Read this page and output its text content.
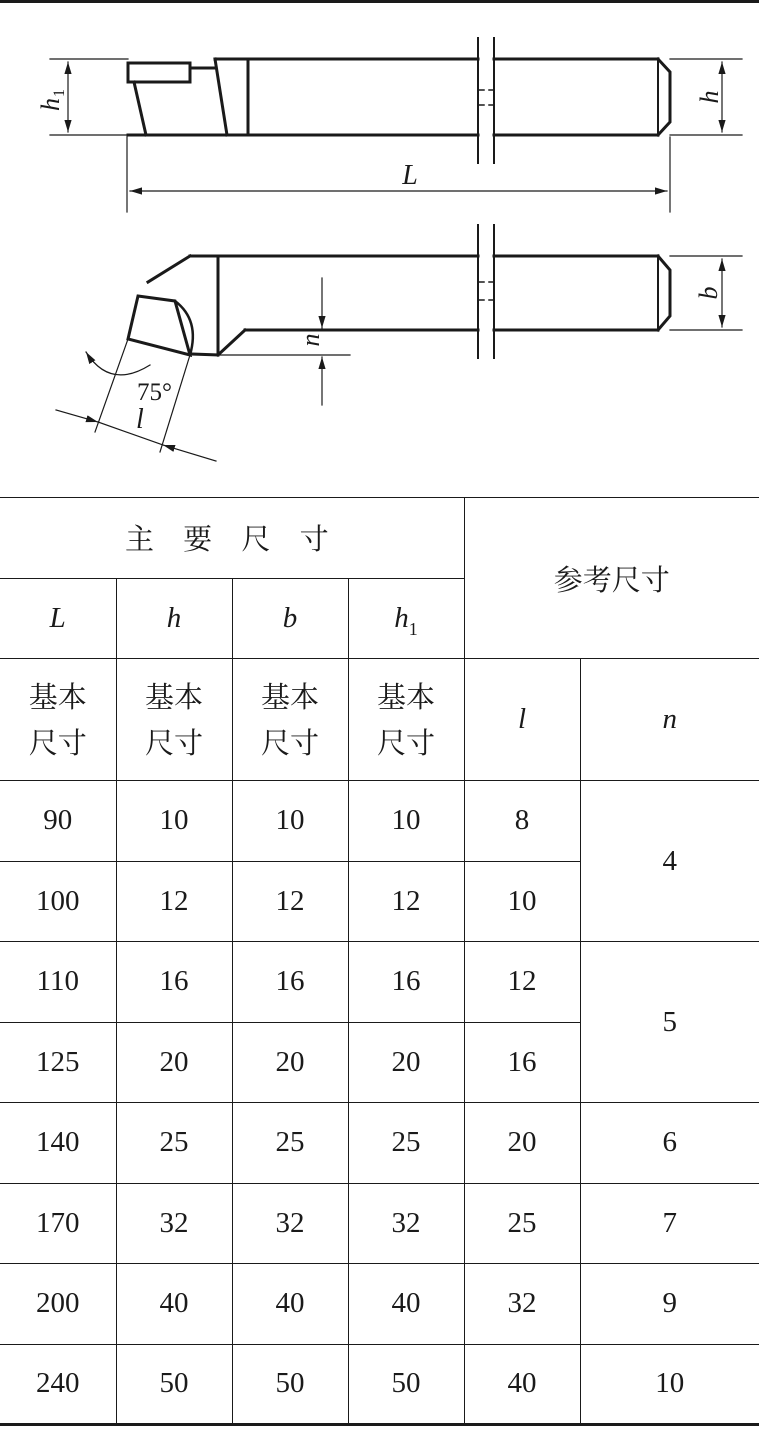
h1	h
L
b
n
75°
l
主 要 尺 寸				参考尺寸	
L	h	b	$h_1$
基本
尺寸	基本
尺寸	基本
尺寸	基本
尺寸	l	n
90	10	10	10	8	4
100	12	12	12	10	
110	16	16	16	12	5
125	20	20	20	16	
140	25	25	25	20	6
170	32	32	32	25	7
200	40	40	40	32	9
240	50	50	50	40	10
